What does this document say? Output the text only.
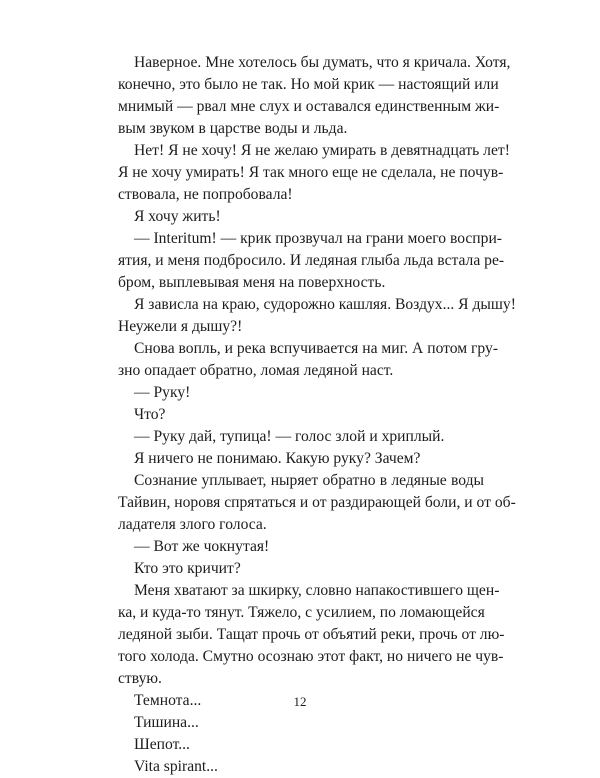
Наверное. Мне хотелось бы думать, что я кричала. Хотя,
конечно, это было не так. Но мой крик — настоящий или
мнимый — рвал мне слух и оставался единственным жи-
вым звуком в царстве воды и льда.
Нет! Я не хочу! Я не желаю умирать в девятнадцать лет!
Я не хочу умирать! Я так много еще не сделала, не почув-
ствовала, не попробовала!
Я хочу жить!
— Interitum! — крик прозвучал на грани моего воспри-
ятия, и меня подбросило. И ледяная глыба льда встала ре-
бром, выплевывая меня на поверхность.
Я зависла на краю, судорожно кашляя. Воздух... Я дышу!
Неужели я дышу?!
Снова вопль, и река вспучивается на миг. А потом гру-
зно опадает обратно, ломая ледяной наст.
— Руку!
Что?
— Руку дай, тупица! — голос злой и хриплый.
Я ничего не понимаю. Какую руку? Зачем?
Сознание уплывает, ныряет обратно в ледяные воды
Тайвин, норовя спрятаться и от раздирающей боли, и от об-
ладателя злого голоса.
— Вот же чокнутая!
Кто это кричит?
Меня хватают за шкирку, словно напакостившего щен-
ка, и куда-то тянут. Тяжело, с усилием, по ломающейся
ледяной зыби. Тащат прочь от объятий реки, прочь от лю-
того холода. Смутно осознаю этот факт, но ничего не чув-
ствую.
Темнота...
Тишина...
Шепот...
Vita spirant...
12
